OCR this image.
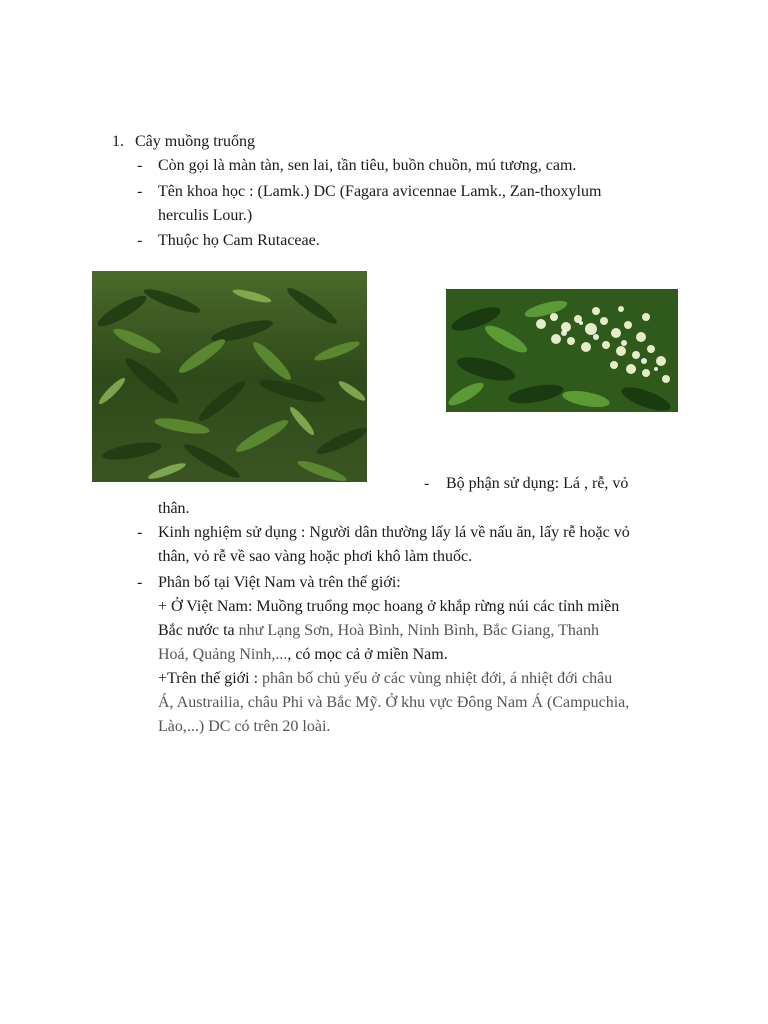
1. Cây muồng truổng
- Còn gọi là màn tàn, sen lai, tần tiêu, buồn chuồn, mú tương, cam.
- Tên khoa học : (Lamk.) DC (Fagara avicennae Lamk., Zan-thoxylum
herculis Lour.)
- Thuộc họ Cam Rutaceae.
- Bộ phận sử dụng: Lá , rễ, vỏ
thân.
- Kinh nghiệm sử dụng : Người dân thường lấy lá về nấu ăn, lấy rễ hoặc vỏ
thân, vỏ rễ về sao vàng hoặc phơi khô làm thuốc.
- Phân bố tại Việt Nam và trên thế giới:
+ Ở Việt Nam: Muồng truổng mọc hoang ở khắp rừng núi các tỉnh miền
Bắc nước ta như Lạng Sơn, Hoà Bình, Ninh Bình, Bắc Giang, Thanh
Hoá, Quảng Ninh,..., có mọc cả ở miền Nam.
+Trên thế giới : phân bố chủ yếu ở các vùng nhiệt đới, á nhiệt đới châu
Á, Austrailia, châu Phi và Bắc Mỹ. Ở khu vực Đông Nam Á (Campuchia,
Lào,...) DC có trên 20 loài.
